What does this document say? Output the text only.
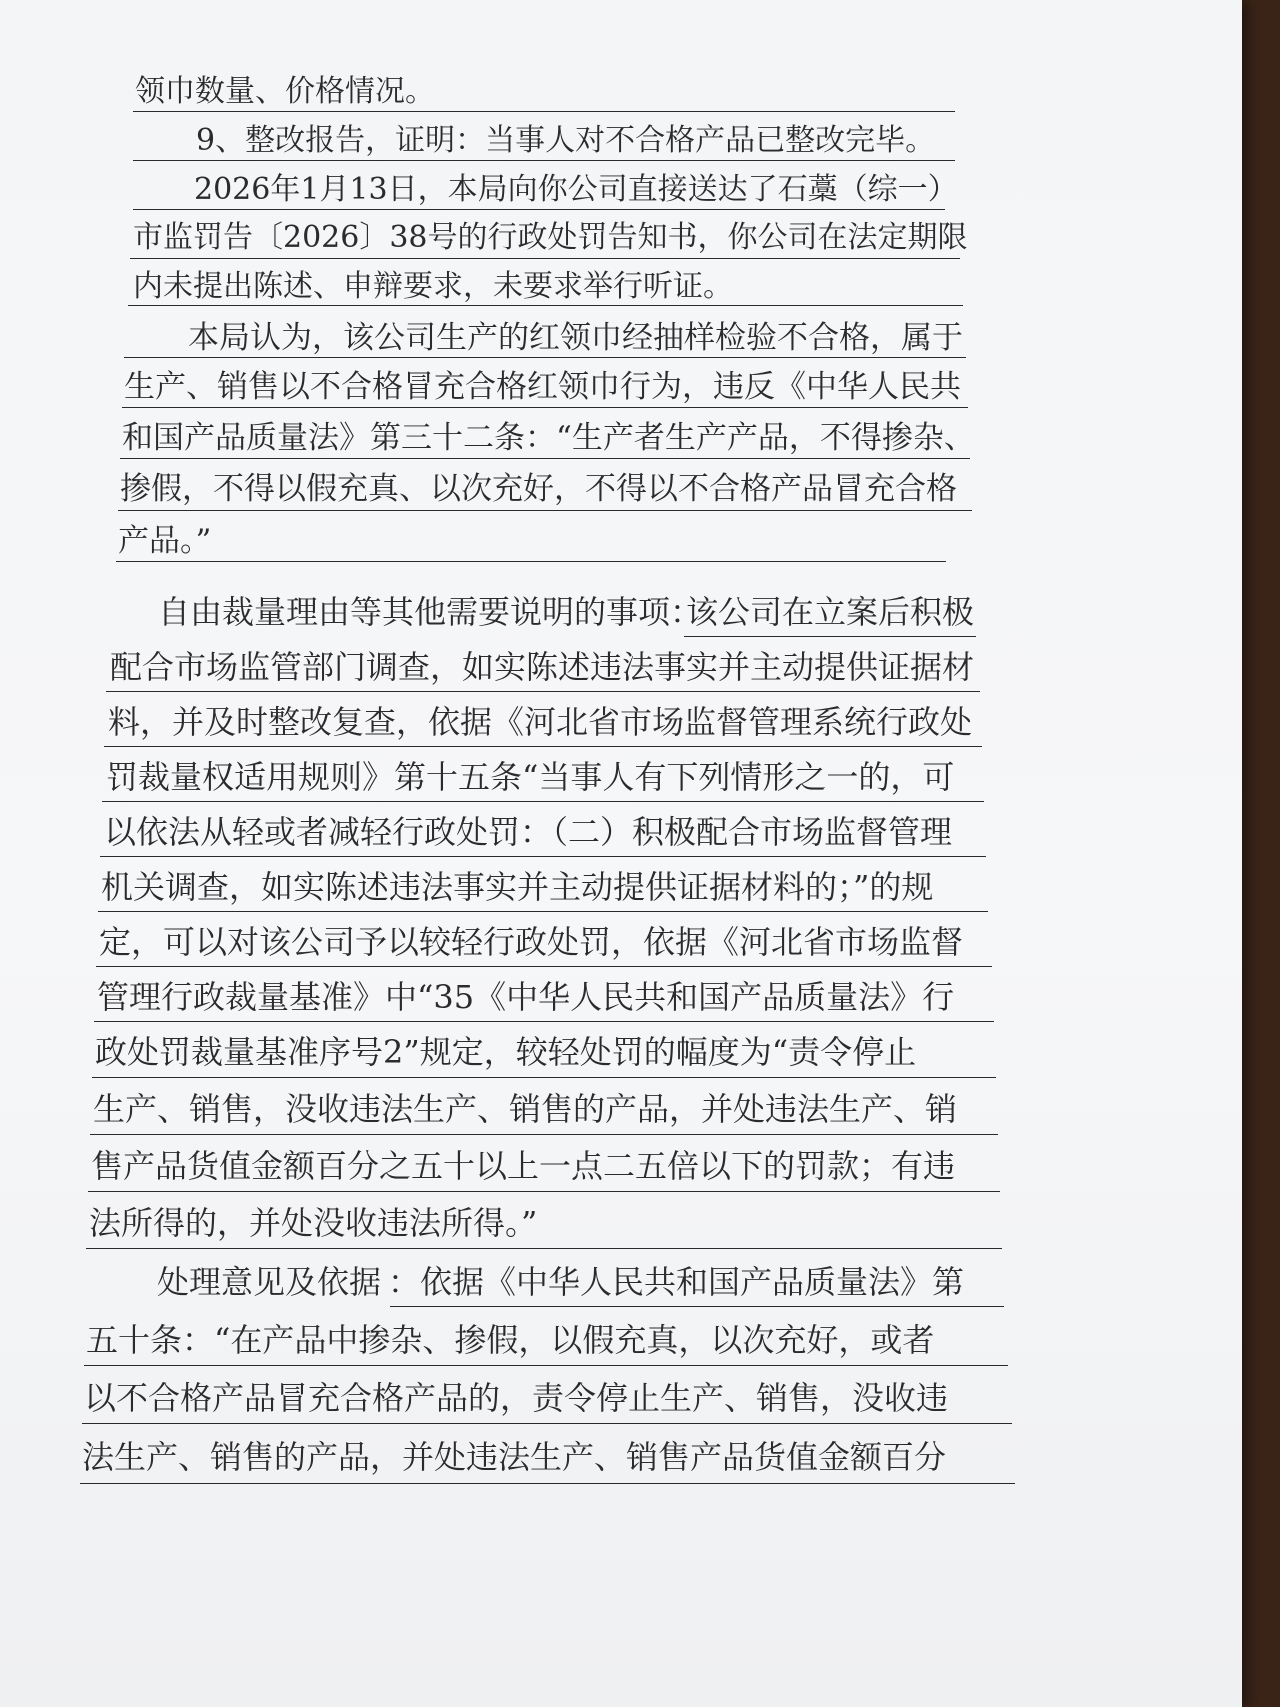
领巾数量、价格情况。
9、整改报告，证明：当事人对不合格产品已整改完毕。
2026年1月13日，本局向你公司直接送达了石藁（综一）
市监罚告〔2026〕38号的行政处罚告知书，你公司在法定期限
内未提出陈述、申辩要求，未要求举行听证。
本局认为，该公司生产的红领巾经抽样检验不合格，属于
生产、销售以不合格冒充合格红领巾行为，违反《中华人民共
和国产品质量法》第三十二条：“生产者生产产品，不得掺杂、
掺假，不得以假充真、以次充好，不得以不合格产品冒充合格
产品。”
自由裁量理由等其他需要说明的事项：
该公司在立案后积极
配合市场监管部门调查，如实陈述违法事实并主动提供证据材
料，并及时整改复查，依据《河北省市场监督管理系统行政处
罚裁量权适用规则》第十五条“当事人有下列情形之一的，可
以依法从轻或者减轻行政处罚：（二）积极配合市场监督管理
机关调查，如实陈述违法事实并主动提供证据材料的；”的规
定，可以对该公司予以较轻行政处罚，依据《河北省市场监督
管理行政裁量基准》中“35《中华人民共和国产品质量法》行
政处罚裁量基准序号2”规定，较轻处罚的幅度为“责令停止
生产、销售，没收违法生产、销售的产品，并处违法生产、销
售产品货值金额百分之五十以上一点二五倍以下的罚款；有违
法所得的，并处没收违法所得。”
处理意见及依据 ：依据《中华人民共和国产品质量法》第
五十条：“在产品中掺杂、掺假，以假充真，以次充好，或者
以不合格产品冒充合格产品的，责令停止生产、销售，没收违
法生产、销售的产品，并处违法生产、销售产品货值金额百分
